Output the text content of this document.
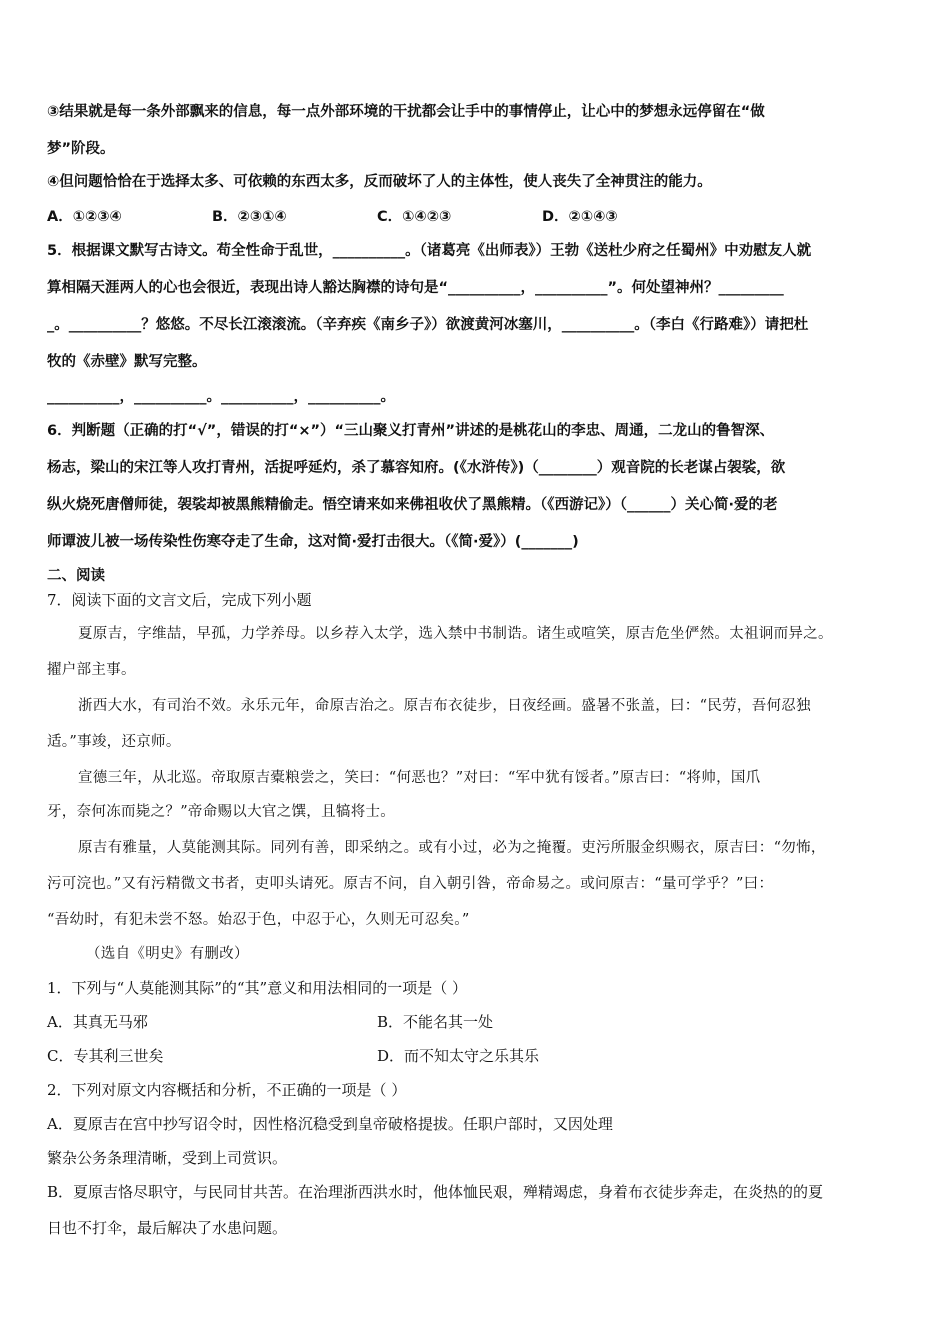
③结果就是每一条外部飘来的信息，每一点外部环境的干扰都会让手中的事情停止，让心中的梦想永远停留在“做
梦”阶段。
④但问题恰恰在于选择太多、可依赖的东西太多，反而破坏了人的主体性，使人丧失了全神贯注的能力。
A．①②③④	B．②③①④	C．①④②③	D．②①④③
5．根据课文默写古诗文。苟全性命于乱世，__________。（诸葛亮《出师表》）王勃《送杜少府之任蜀州》中劝慰友人就
算相隔天涯两人的心也会很近，表现出诗人豁达胸襟的诗句是“__________，__________”。何处望神州？_________
_。__________？悠悠。不尽长江滚滚流。（辛弃疾《南乡子》）欲渡黄河冰塞川，__________。（李白《行路难》）请把杜
牧的《赤壁》默写完整。
__________，__________。__________，__________。
6．判断题（正确的打“√”，错误的打“×”）“三山聚义打青州”讲述的是桃花山的李忠、周通，二龙山的鲁智深、
杨志，梁山的宋江等人攻打青州，活捉呼延灼，杀了慕容知府。(《水浒传》)（________）观音院的长老谋占袈裟，欲
纵火烧死唐僧师徒，袈裟却被黑熊精偷走。悟空请来如来佛祖收伏了黑熊精。（《西游记》）（______）关心简·爱的老
师谭波儿被一场传染性伤寒夺走了生命，这对简·爱打击很大。（《简·爱》）(_______)
二、阅读
7．阅读下面的文言文后，完成下列小题
夏原吉，字维喆，早孤，力学养母。以乡荐入太学，选入禁中书制诰。诸生或喧笑，原吉危坐俨然。太祖诇而异之。
擢户部主事。
浙西大水，有司治不效。永乐元年，命原吉治之。原吉布衣徒步，日夜经画。盛暑不张盖，曰：“民劳，吾何忍独
适。”事竣，还京师。
宣德三年，从北巡。帝取原吉橐粮尝之，笑曰：“何恶也？”对曰：“军中犹有馁者。”原吉曰：“将帅，国爪
牙，奈何冻而毙之？”帝命赐以大官之馔，且犒将士。
原吉有雅量，人莫能测其际。同列有善，即采纳之。或有小过，必为之掩覆。吏污所服金织赐衣，原吉曰：“勿怖，
污可浣也。”又有污精微文书者，吏叩头请死。原吉不问，自入朝引咎，帝命易之。或问原吉：“量可学乎？”曰：
“吾幼时，有犯未尝不怒。始忍于色，中忍于心，久则无可忍矣。”
（选自《明史》有删改）
1．下列与“人莫能测其际”的“其”意义和用法相同的一项是（ ）
A．其真无马邪	B．不能名其一处
C．专其利三世矣	D．而不知太守之乐其乐
2．下列对原文内容概括和分析，不正确的一项是（ ）
A．夏原吉在宫中抄写诏令时，因性格沉稳受到皇帝破格提拔。任职户部时，又因处理
繁杂公务条理清晰，受到上司赏识。
B．夏原吉恪尽职守，与民同甘共苦。在治理浙西洪水时，他体恤民艰，殚精竭虑，身着布衣徒步奔走，在炎热的的夏
日也不打伞，最后解决了水患问题。
